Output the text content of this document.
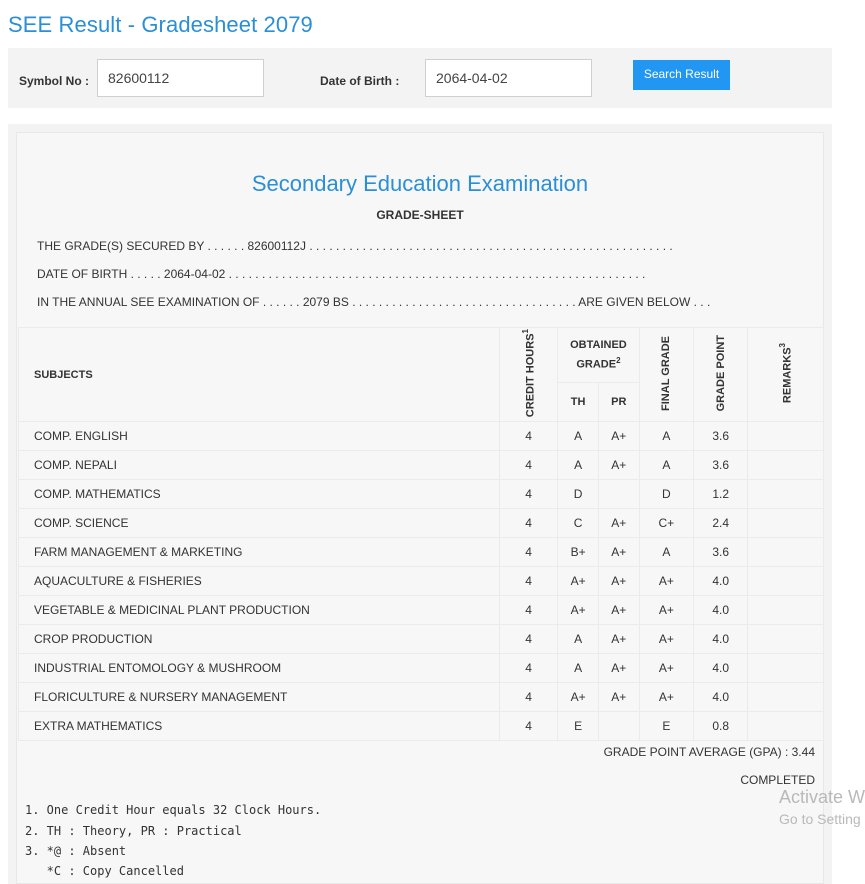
SEE Result - Gradesheet 2079
Symbol No :	82600112	Date of Birth :	2064-04-02	Search Result
Secondary Education Examination
GRADE-SHEET
THE GRADE(S) SECURED BY . . . . . . 82600112J . . . . . . . . . . . . . . . . . . . . . . . . . . . . . . . . . . . . . . . . . . . . . . . . . . . . . . .
DATE OF BIRTH . . . . . 2064-04-02 . . . . . . . . . . . . . . . . . . . . . . . . . . . . . . . . . . . . . . . . . . . . . . . . . . . . . . . . . . . . . . .
IN THE ANNUAL SEE EXAMINATION OF . . . . . . 2079 BS . . . . . . . . . . . . . . . . . . . . . . . . . . . . . . . . . . ARE GIVEN BELOW . . .
SUBJECTS	CREDIT HOURS$^1$	OBTAINED GRADE$^2$		FINAL GRADE	GRADE POINT	REMARKS$^3$
		TH	PR			
COMP. ENGLISH	4	A	A+	A	3.6	
COMP. NEPALI	4	A	A+	A	3.6	
COMP. MATHEMATICS	4	D		D	1.2	
COMP. SCIENCE	4	C	A+	C+	2.4	
FARM MANAGEMENT & MARKETING	4	B+	A+	A	3.6	
AQUACULTURE & FISHERIES	4	A+	A+	A+	4.0	
VEGETABLE & MEDICINAL PLANT PRODUCTION	4	A+	A+	A+	4.0	
CROP PRODUCTION	4	A	A+	A+	4.0	
INDUSTRIAL ENTOMOLOGY & MUSHROOM	4	A	A+	A+	4.0	
FLORICULTURE & NURSERY MANAGEMENT	4	A+	A+	A+	4.0	
EXTRA MATHEMATICS	4	E		E	0.8	
GRADE POINT AVERAGE (GPA) : 3.44
COMPLETED
1. One Credit Hour equals 32 Clock Hours.
2. TH : Theory, PR : Practical
3. *@ : Absent
*C : Copy Cancelled
Activate W
Go to Setting
